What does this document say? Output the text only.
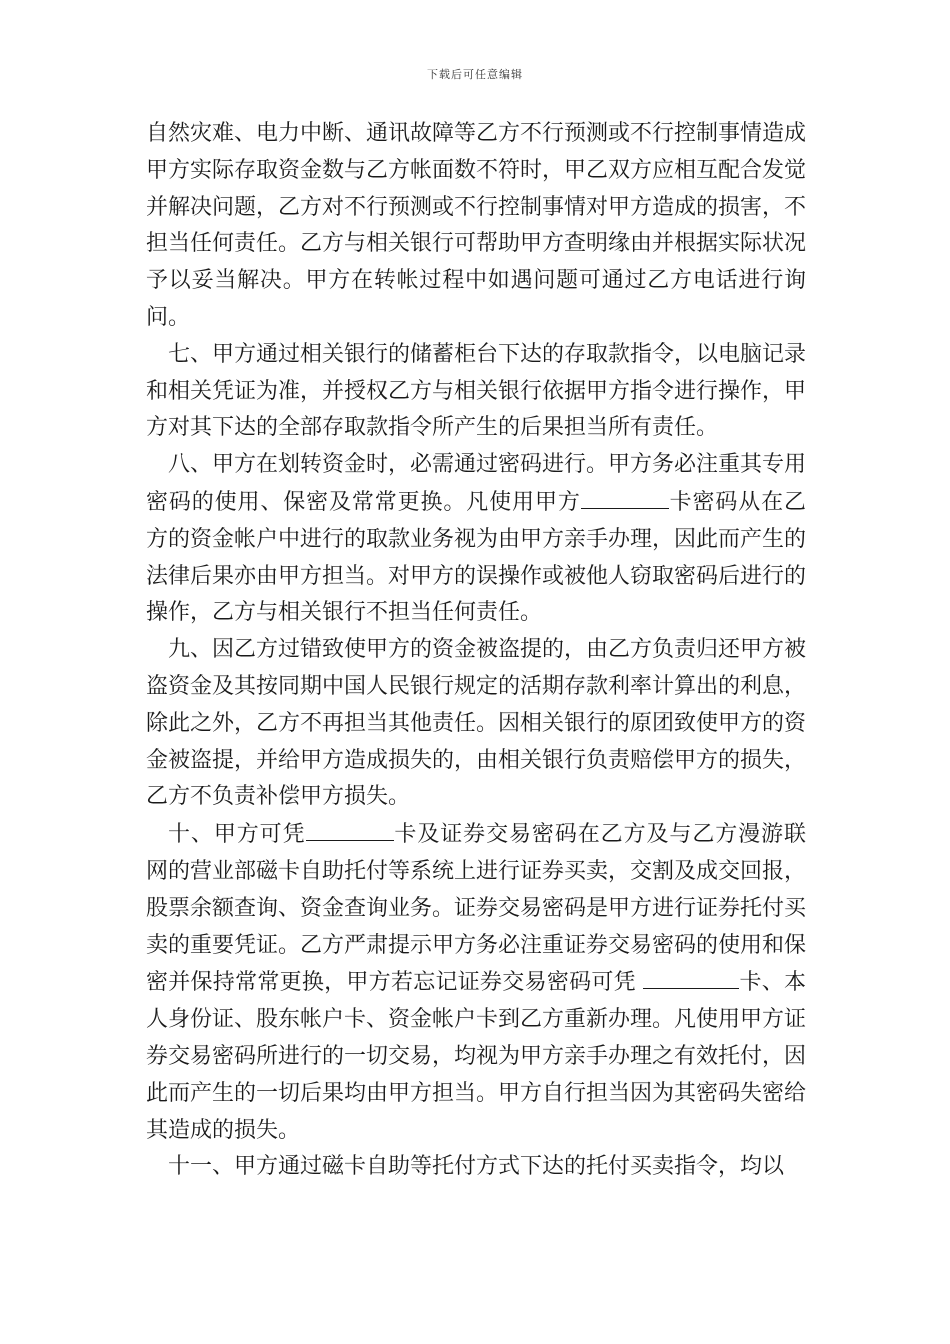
下载后可任意编辑

自然灾难、电力中断、通讯故障等乙方不行预测或不行控制事情造成甲方实际存取资金数与乙方帐面数不符时，甲乙双方应相互配合发觉并解决问题，乙方对不行预测或不行控制事情对甲方造成的损害，不担当任何责任。乙方与相关银行可帮助甲方查明缘由并根据实际状况予以妥当解决。甲方在转帐过程中如遇问题可通过乙方电话进行询问。

七、甲方通过相关银行的储蓄柜台下达的存取款指令，以电脑记录和相关凭证为准，并授权乙方与相关银行依据甲方指令进行操作，甲方对其下达的全部存取款指令所产生的后果担当所有责任。

八、甲方在划转资金时，必需通过密码进行。甲方务必注重其专用密码的使用、保密及常常更换。凡使用甲方	卡密码从在乙方的资金帐户中进行的取款业务视为由甲方亲手办理，因此而产生的法律后果亦由甲方担当。对甲方的误操作或被他人窃取密码后进行的操作，乙方与相关银行不担当任何责任。

九、因乙方过错致使甲方的资金被盗提的，由乙方负责归还甲方被盗资金及其按同期中国人民银行规定的活期存款利率计算出的利息，除此之外，乙方不再担当其他责任。因相关银行的原团致使甲方的资金被盗提，并给甲方造成损失的，由相关银行负责赔偿甲方的损失，乙方不负责补偿甲方损失。

十、甲方可凭	卡及证券交易密码在乙方及与乙方漫游联网的营业部磁卡自助托付等系统上进行证券买卖，交割及成交回报，股票余额查询、资金查询业务。证券交易密码是甲方进行证券托付买卖的重要凭证。乙方严肃提示甲方务必注重证券交易密码的使用和保密并保持常常更换，甲方若忘记证券交易密码可凭	卡、本人身份证、股东帐户卡、资金帐户卡到乙方重新办理。凡使用甲方证券交易密码所进行的一切交易，均视为甲方亲手办理之有效托付，因此而产生的一切后果均由甲方担当。甲方自行担当因为其密码失密给其造成的损失。

十一、甲方通过磁卡自助等托付方式下达的托付买卖指令，均以
